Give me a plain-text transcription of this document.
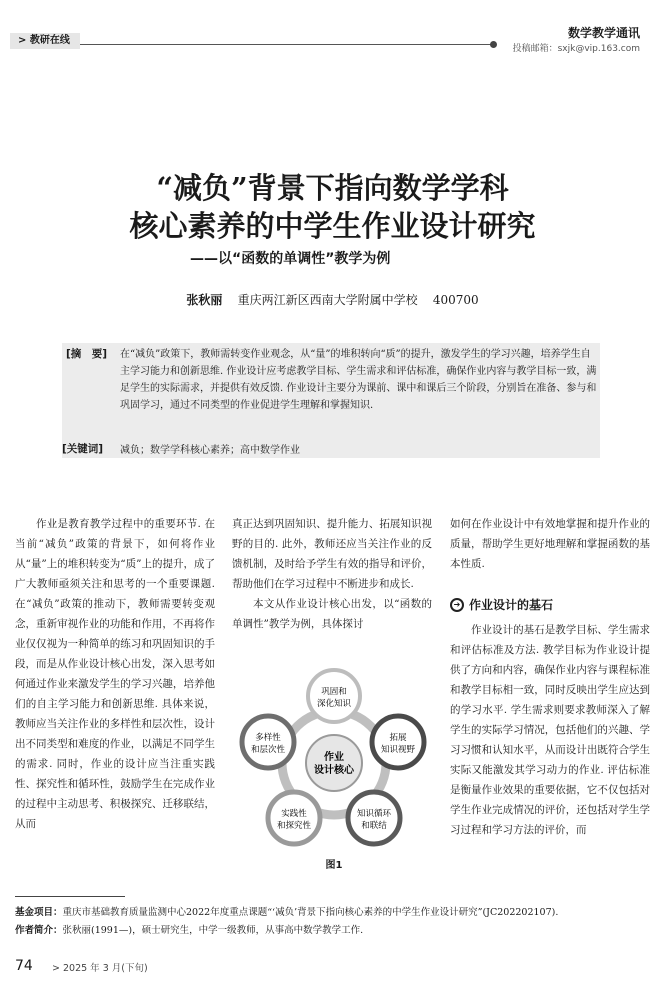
> 教研在线
数学教学通讯
投稿邮箱：sxjk@vip.163.com
“减负”背景下指向数学学科
核心素养的中学生作业设计研究
——以“函数的单调性”教学为例
张秋丽 重庆两江新区西南大学附属中学校 400700
[摘　要] 在“减负”政策下，教师需转变作业观念，从“量”的堆积转向“质”的提升，激发学生的学习兴趣，培养学生自主学习能力和创新思维. 作业设计应考虑教学目标、学生需求和评估标准，确保作业内容与教学目标一致，满足学生的实际需求，并提供有效反馈. 作业设计主要分为课前、课中和课后三个阶段，分别旨在准备、参与和巩固学习，通过不同类型的作业促进学生理解和掌握知识.
[关键词] 减负；数学学科核心素养；高中数学作业

作业是教育教学过程中的重要环节. 在当前“减负”政策的背景下，如何将作业从“量”上的堆积转变为“质”上的提升，成了广大教师亟须关注和思考的一个重要课题. 在“减负”政策的推动下，教师需要转变观念，重新审视作业的功能和作用，不再将作业仅仅视为一种简单的练习和巩固知识的手段，而是从作业设计核心出发，深入思考如何通过作业来激发学生的学习兴趣，培养他们的自主学习能力和创新思维. 具体来说，教师应当关注作业的多样性和层次性，设计出不同类型和难度的作业，以满足不同学生的需求. 同时，作业的设计应当注重实践性、探究性和循环性，鼓励学生在完成作业的过程中主动思考、积极探究、迁移联结，从而

真正达到巩固知识、提升能力、拓展知识视野的目的. 此外，教师还应当关注作业的反馈机制，及时给予学生有效的指导和评价，帮助他们在学习过程中不断进步和成长.

本文从作业设计核心出发，以“函数的单调性”教学为例，具体探讨

作业
设计核心
巩固和
深化知识
拓展
知识视野
知识循环
和联结
实践性
和探究性
多样性
和层次性
图1

如何在作业设计中有效地掌握和提升作业的质量，帮助学生更好地理解和掌握函数的基本性质.

➔ 作业设计的基石

作业设计的基石是教学目标、学生需求和评估标准及方法. 教学目标为作业设计提供了方向和内容，确保作业内容与课程标准和教学目标相一致，同时反映出学生应达到的学习水平. 学生需求则要求教师深入了解学生的实际学习情况，包括他们的兴趣、学习习惯和认知水平，从而设计出既符合学生实际又能激发其学习动力的作业. 评估标准是衡量作业效果的重要依据，它不仅包括对学生作业完成情况的评价，还包括对学生学习过程和学习方法的评价，而

基金项目：重庆市基础教育质量监测中心2022年度重点课题“‘减负’背景下指向核心素养的中学生作业设计研究”(JC202202107).
作者简介：张秋丽(1991—)，硕士研究生，中学一级教师，从事高中数学教学工作.
74 > 2025 年 3 月(下旬)
